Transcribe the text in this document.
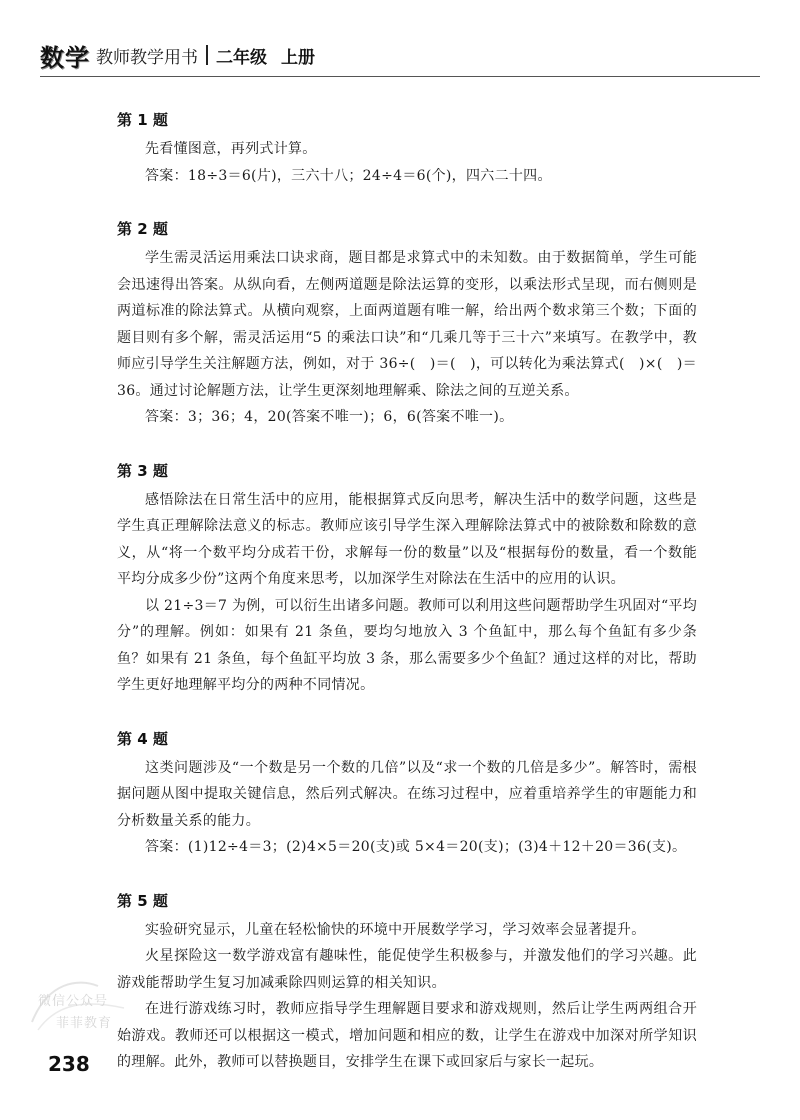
数学 教师教学用书 二年级 上册
第 1 题

先看懂图意，再列式计算。

答案：18÷3＝6(片)，三六十八；24÷4＝6(个)，四六二十四。

第 2 题

学生需灵活运用乘法口诀求商，题目都是求算式中的未知数。由于数据简单，学生可能会迅速得出答案。从纵向看，左侧两道题是除法运算的变形，以乘法形式呈现，而右侧则是两道标准的除法算式。从横向观察，上面两道题有唯一解，给出两个数求第三个数；下面的题目则有多个解，需灵活运用“5 的乘法口诀”和“几乘几等于三十六”来填写。在教学中，教师应引导学生关注解题方法，例如，对于 36÷(　)＝(　)，可以转化为乘法算式(　)×(　)＝36。通过讨论解题方法，让学生更深刻地理解乘、除法之间的互逆关系。

答案：3；36；4，20(答案不唯一)；6，6(答案不唯一)。

第 3 题

感悟除法在日常生活中的应用，能根据算式反向思考，解决生活中的数学问题，这些是学生真正理解除法意义的标志。教师应该引导学生深入理解除法算式中的被除数和除数的意义，从“将一个数平均分成若干份，求解每一份的数量”以及“根据每份的数量，看一个数能平均分成多少份”这两个角度来思考，以加深学生对除法在生活中的应用的认识。

以 21÷3＝7 为例，可以衍生出诸多问题。教师可以利用这些问题帮助学生巩固对“平均分”的理解。例如：如果有 21 条鱼，要均匀地放入 3 个鱼缸中，那么每个鱼缸有多少条鱼？如果有 21 条鱼，每个鱼缸平均放 3 条，那么需要多少个鱼缸？通过这样的对比，帮助学生更好地理解平均分的两种不同情况。

第 4 题

这类问题涉及“一个数是另一个数的几倍”以及“求一个数的几倍是多少”。解答时，需根据问题从图中提取关键信息，然后列式解决。在练习过程中，应着重培养学生的审题能力和分析数量关系的能力。

答案：(1)12÷4＝3；(2)4×5＝20(支)或 5×4＝20(支)；(3)4＋12＋20＝36(支)。

第 5 题

实验研究显示，儿童在轻松愉快的环境中开展数学学习，学习效率会显著提升。

火星探险这一数学游戏富有趣味性，能促使学生积极参与，并激发他们的学习兴趣。此游戏能帮助学生复习加减乘除四则运算的相关知识。

在进行游戏练习时，教师应指导学生理解题目要求和游戏规则，然后让学生两两组合开始游戏。教师还可以根据这一模式，增加问题和相应的数，让学生在游戏中加深对所学知识的理解。此外，教师可以替换题目，安排学生在课下或回家后与家长一起玩。

微信公众号
菲菲教育
238
